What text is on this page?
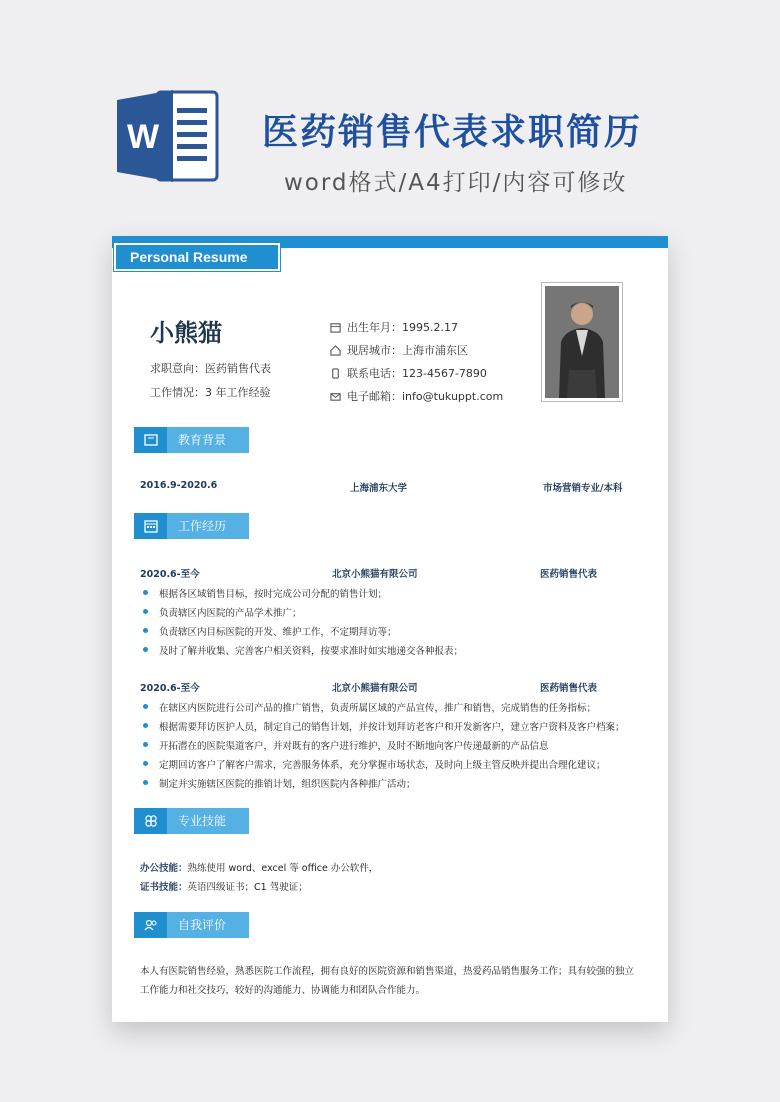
W	医药销售代表求职简历
word格式/A4打印/内容可修改
Personal Resume
小熊猫
求职意向：医药销售代表
工作情况：3 年工作经验
出生年月：1995.2.17
现居城市：上海市浦东区
联系电话：123-4567-7890
电子邮箱：info@tukuppt.com
教育背景
2016.9-2020.6	上海浦东大学	市场营销专业/本科
工作经历
2020.6-至今	北京小熊猫有限公司	医药销售代表
根据各区域销售目标，按时完成公司分配的销售计划；
负责辖区内医院的产品学术推广；
负责辖区内目标医院的开发、维护工作，不定期拜访等；
及时了解并收集、完善客户相关资料，按要求准时如实地递交各种报表；
2020.6-至今	北京小熊猫有限公司	医药销售代表
在辖区内医院进行公司产品的推广销售，负责所属区域的产品宣传，推广和销售，完成销售的任务指标；
根据需要拜访医护人员，制定自己的销售计划，并按计划拜访老客户和开发新客户，建立客户资料及客户档案；
开拓潜在的医院渠道客户，并对既有的客户进行维护，及时不断地向客户传递最新的产品信息
定期回访客户了解客户需求，完善服务体系，充分掌握市场状态，及时向上级主管反映并提出合理化建议；
制定并实施辖区医院的推销计划，组织医院内各种推广活动；
专业技能
办公技能：熟练使用 word、excel 等 office 办公软件，
证书技能：英语四级证书；C1 驾驶证；
自我评价
本人有医院销售经验，熟悉医院工作流程，拥有良好的医院资源和销售渠道，热爱药品销售服务工作；具有较强的独立工作能力和社交技巧，较好的沟通能力、协调能力和团队合作能力。
